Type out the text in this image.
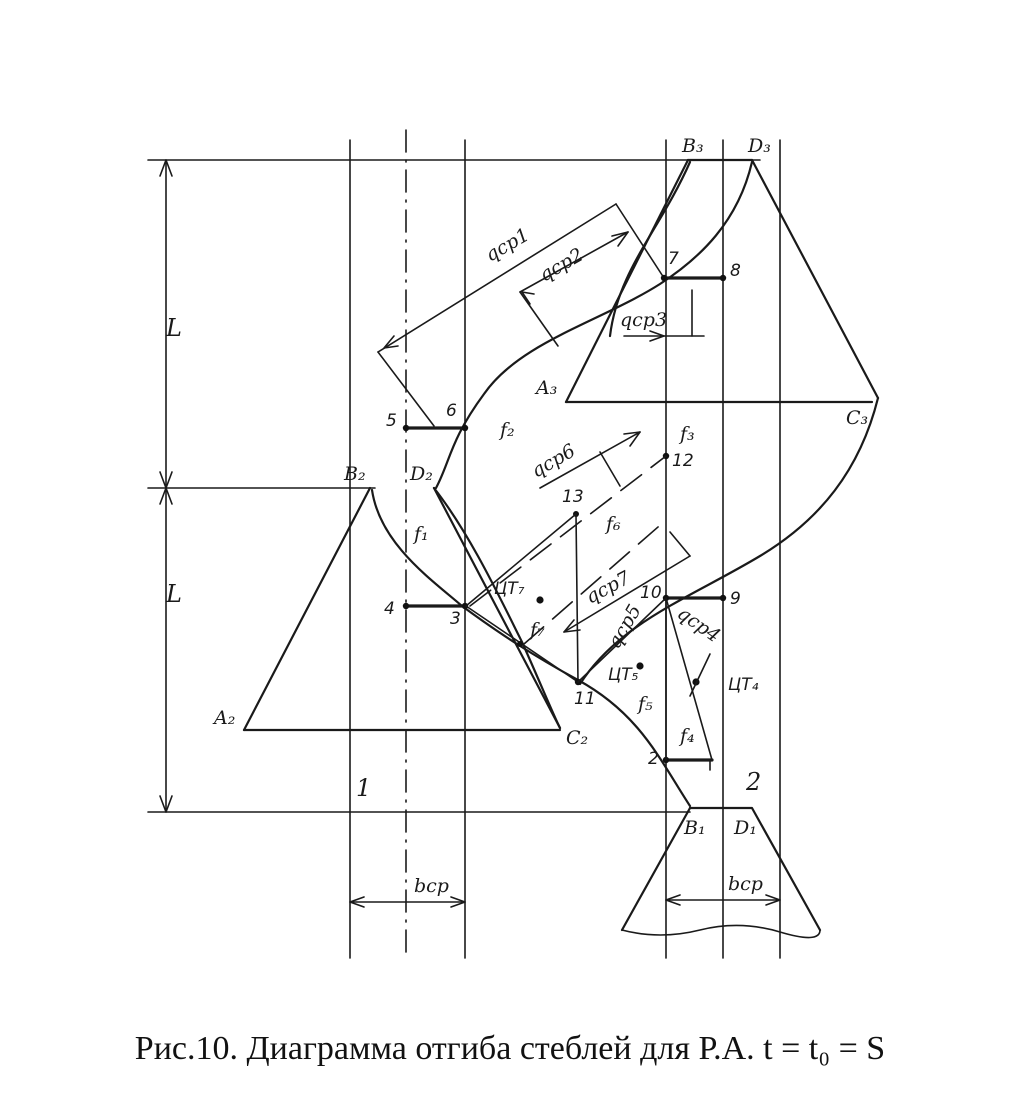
L
L
bср	bср
1	2
qср1 qср2
qср3
5	6
7
8
4	3
12
13
qср6
qср7
ЦТ₇	10	9
11
2
ЦТ₅	ЦТ₄
qср5 qср4
B₃ D₃
A₃
C₃
B₂ D₂
A₂
C₂
B₁ D₁
f₁
f₂	f₃
f₄
f₅
f₆
f₇
Рис.10. Диаграмма отгиба стеблей для Р.А. t = t₀ = S
